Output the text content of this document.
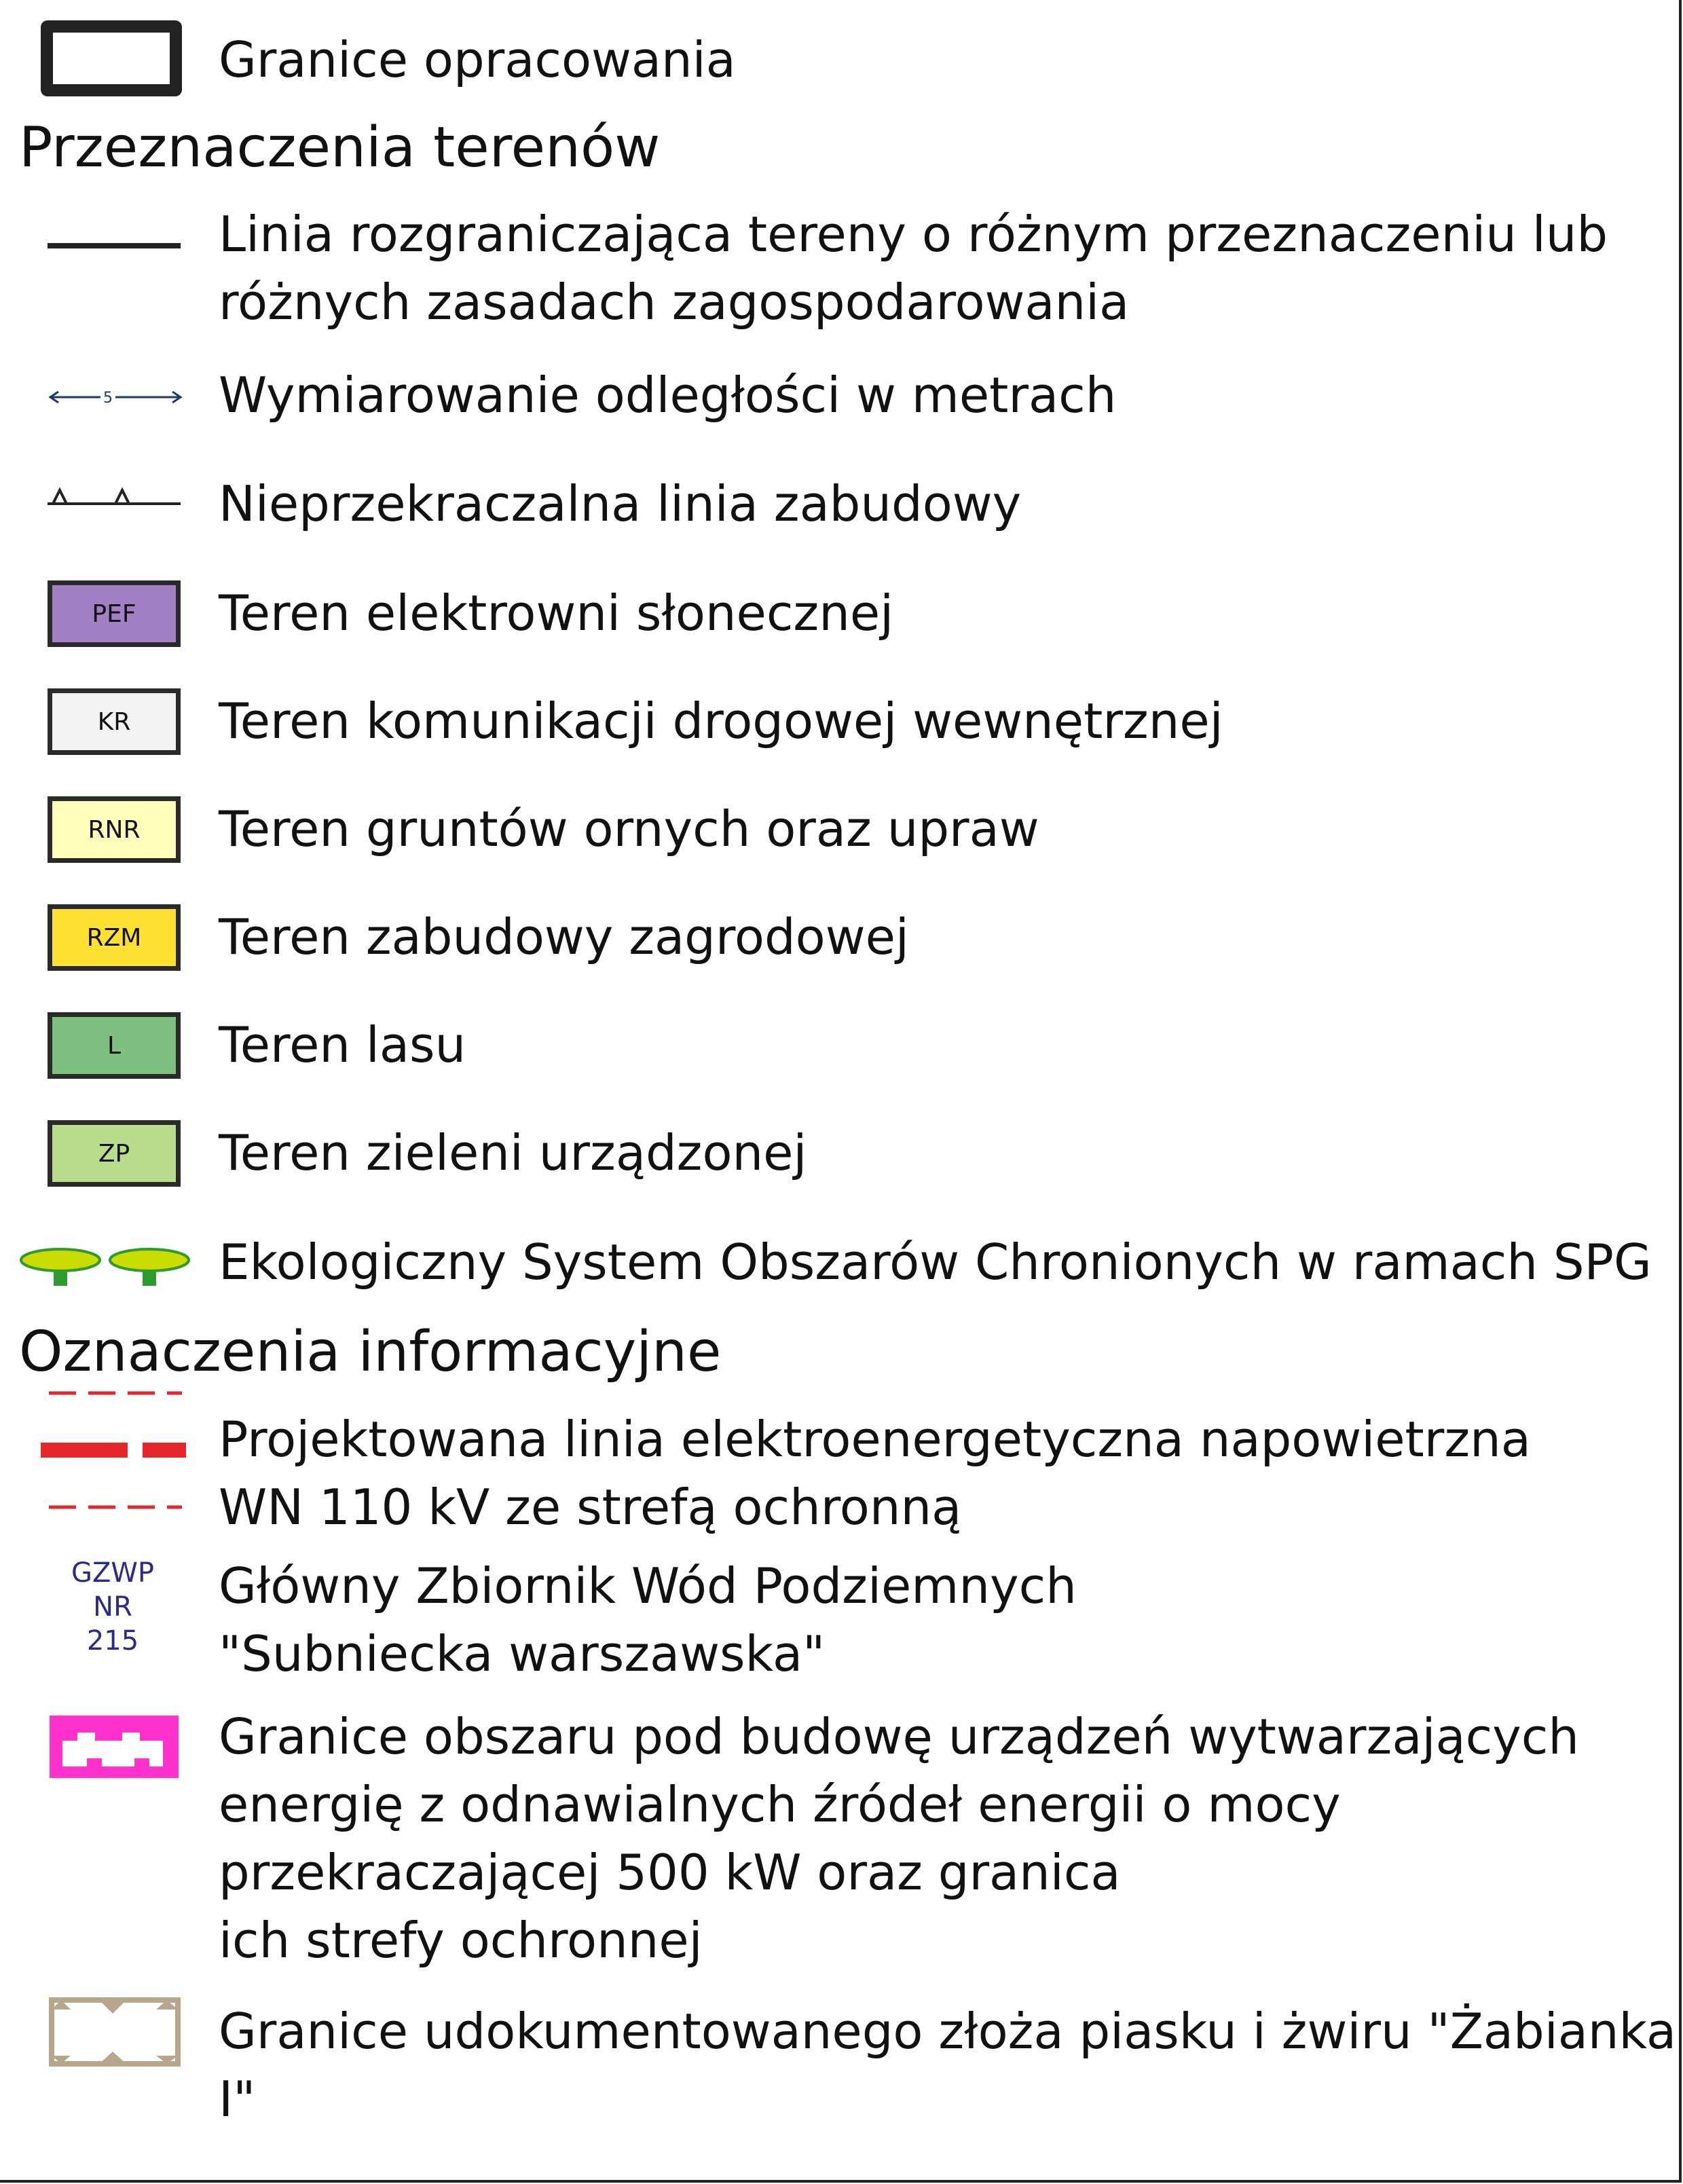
Granice opracowania
Przeznaczenia terenów
Linia rozgraniczająca tereny o różnym przeznaczeniu lub
różnych zasadach zagospodarowania
5 Wymiarowanie odległości w metrach
Nieprzekraczalna linia zabudowy
PEF Teren elektrowni słonecznej
KR Teren komunikacji drogowej wewnętrznej
RNR Teren gruntów ornych oraz upraw
RZM Teren zabudowy zagrodowej
L Teren lasu
ZP Teren zieleni urządzonej
Ekologiczny System Obszarów Chronionych w ramach SPG
Oznaczenia informacyjne
Projektowana linia elektroenergetyczna napowietrzna
WN 110 kV ze strefą ochronną
GZWP
NR
215
Główny Zbiornik Wód Podziemnych
"Subniecka warszawska"
Granice obszaru pod budowę urządzeń wytwarzających
energię z odnawialnych źródeł energii o mocy
przekraczającej 500 kW oraz granica
ich strefy ochronnej
Granice udokumentowanego złoża piasku i żwiru "Żabianka I"
